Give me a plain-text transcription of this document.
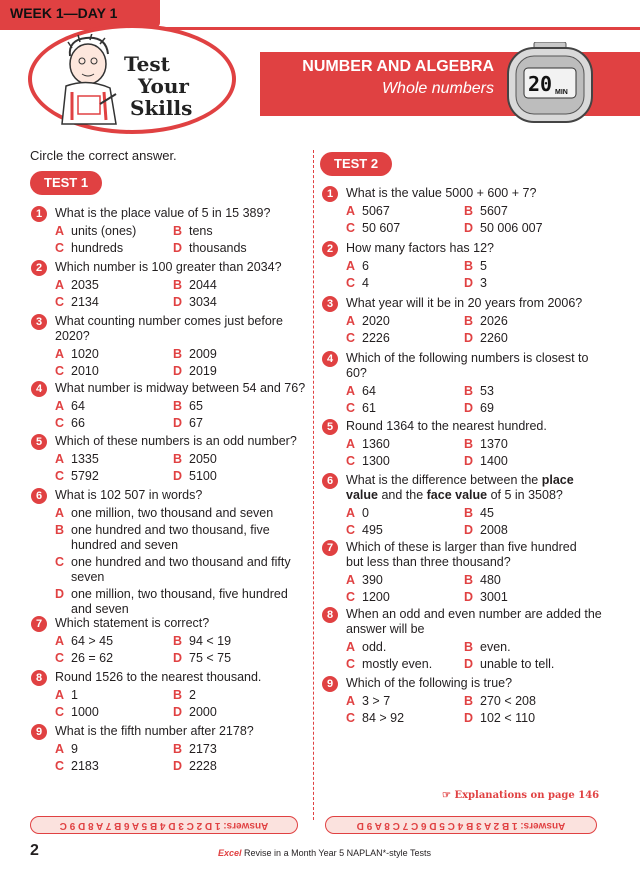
WEEK 1—DAY 1
NUMBER AND ALGEBRA
Whole numbers 20 MIN
Test
Your
Skills
Circle the correct answer.
TEST 1
1	What is the place value of 5 in 15 389?
A units (ones)	B tens
C hundreds	D thousands
2	Which number is 100 greater than 2034?
A 2035	B 2044
C 2134	D 3034
3	What counting number comes just before 2020?
A 1020	B 2009
C 2010	D 2019
4	What number is midway between 54 and 76?
A 64	B 65
C 66	D 67
5	Which of these numbers is an odd number?
A 1335	B 2050
C 5792	D 5100
6	What is 102 507 in words?
A one million, two thousand and seven
B one hundred and two thousand, five hundred and seven
C one hundred and two thousand and fifty seven
D one million, two thousand, five hundred and seven
7	Which statement is correct?
A 64 > 45	B 94 < 19
C 26 = 62	D 75 < 75
8	Round 1526 to the nearest thousand.
A 1	B 2
C 1000	D 2000
9	What is the fifth number after 2178?
A 9	B 2173
C 2183	D 2228
Answers: 1 D 2 C 3 D 4 B 5 A 6 B 7 A 8 D 9 C
TEST 2
1	What is the value 5000 + 600 + 7?
A 5067	B 5607
C 50 607	D 50 006 007
2	How many factors has 12?
A 6	B 5
C 4	D 3
3	What year will it be in 20 years from 2006?
A 2020	B 2026
C 2226	D 2260
4	Which of the following numbers is closest to 60?
A 64	B 53
C 61	D 69
5	Round 1364 to the nearest hundred.
A 1360	B 1370
C 1300	D 1400
6	What is the difference between the place value and the face value of 5 in 3508?
A 0	B 45
C 495	D 2008
7	Which of these is larger than five hundred but less than three thousand?
A 390	B 480
C 1200	D 3001
8	When an odd and even number are added the answer will be
A odd.	B even.
C mostly even.	D unable to tell.
9	Which of the following is true?
A 3 > 7	B 270 < 208
C 84 > 92	D 102 < 110
☞ Explanations on page 146
Answers: 1 B 2 A 3 B 4 C 5 D 6 C 7 C 8 A 9 D
2	Excel Revise in a Month Year 5 NAPLAN*-style Tests
